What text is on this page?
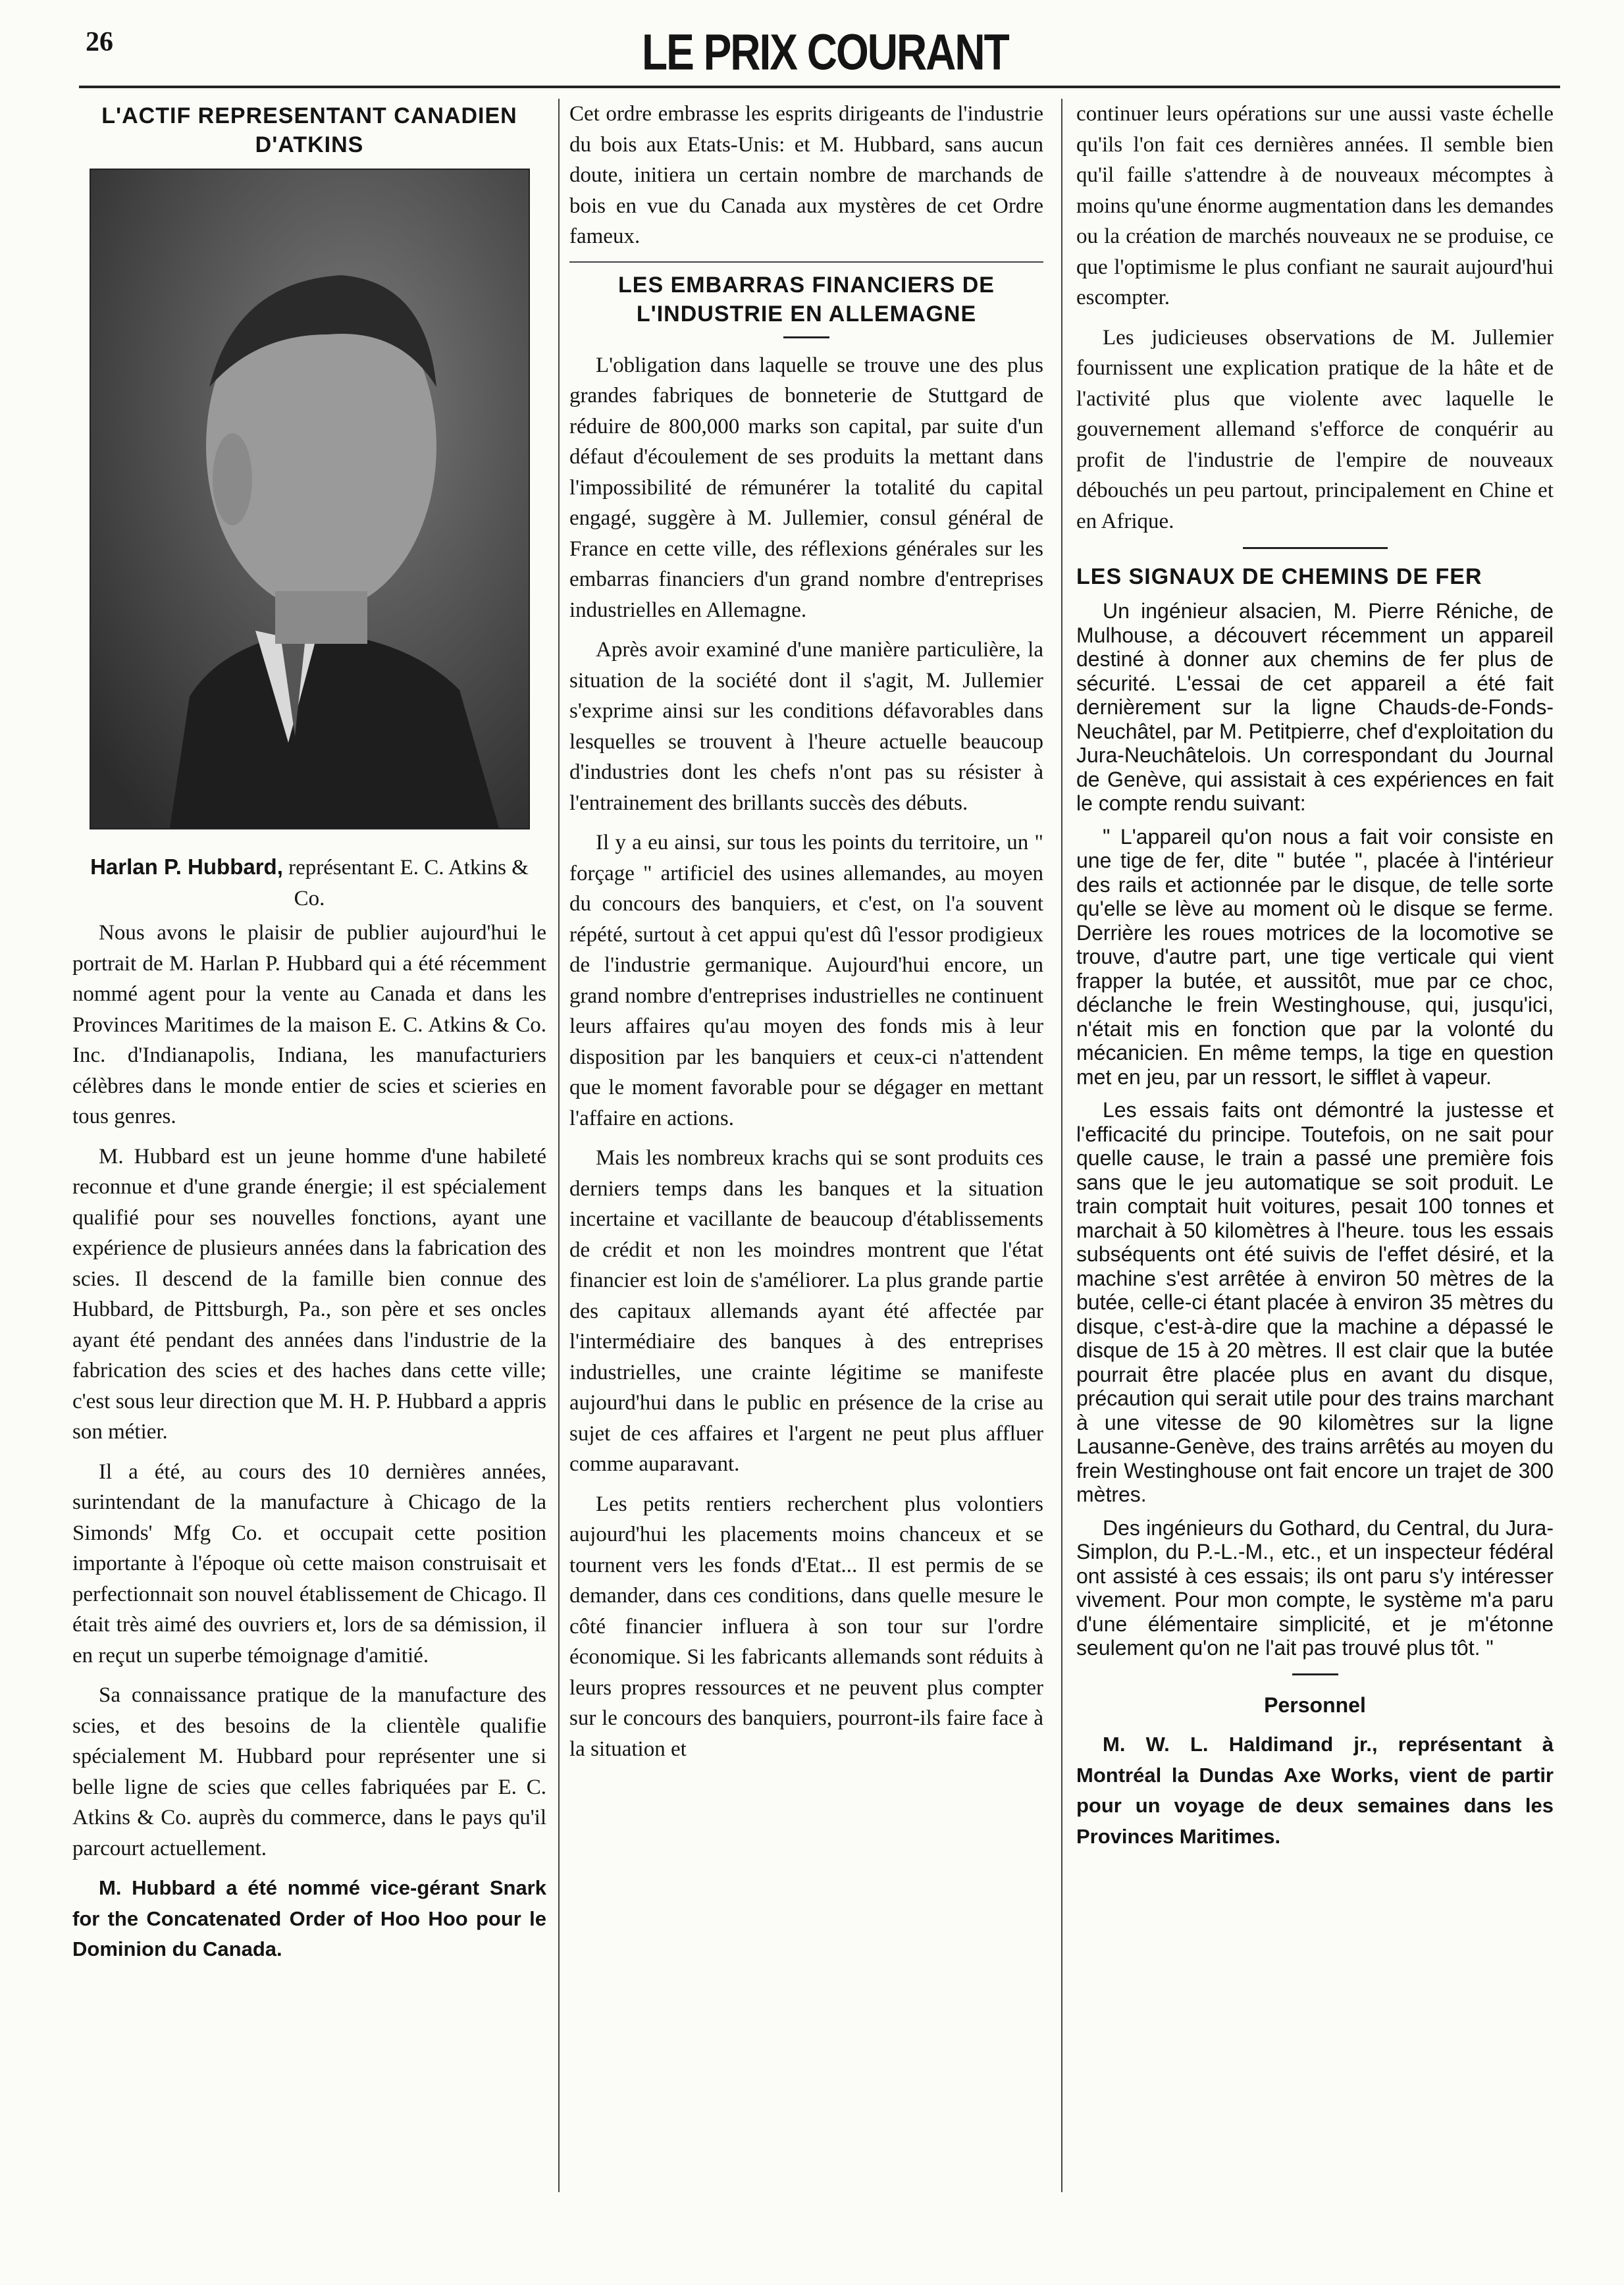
26	LE PRIX COURANT
L'ACTIF REPRESENTANT CANADIEN D'ATKINS

Harlan P. Hubbard, représentant E. C. Atkins & Co.

Nous avons le plaisir de publier aujourd'hui le portrait de M. Harlan P. Hubbard qui a été récemment nommé agent pour la vente au Canada et dans les Provinces Maritimes de la maison E. C. Atkins & Co. Inc. d'Indianapolis, Indiana, les manufacturiers célèbres dans le monde entier de scies et scieries en tous genres.

M. Hubbard est un jeune homme d'une habileté reconnue et d'une grande énergie; il est spécialement qualifié pour ses nouvelles fonctions, ayant une expérience de plusieurs années dans la fabrication des scies. Il descend de la famille bien connue des Hubbard, de Pittsburgh, Pa., son père et ses oncles ayant été pendant des années dans l'industrie de la fabrication des scies et des haches dans cette ville; c'est sous leur direction que M. H. P. Hubbard a appris son métier.

Il a été, au cours des 10 dernières années, surintendant de la manufacture à Chicago de la Simonds' Mfg Co. et occupait cette position importante à l'époque où cette maison construisait et perfectionnait son nouvel établissement de Chicago. Il était très aimé des ouvriers et, lors de sa démission, il en reçut un superbe témoignage d'amitié.

Sa connaissance pratique de la manufacture des scies, et des besoins de la clientèle qualifie spécialement M. Hubbard pour représenter une si belle ligne de scies que celles fabriquées par E. C. Atkins & Co. auprès du commerce, dans le pays qu'il parcourt actuellement.

M. Hubbard a été nommé vice-gérant Snark for the Concatenated Order of Hoo Hoo pour le Dominion du Canada.

Cet ordre embrasse les esprits dirigeants de l'industrie du bois aux Etats-Unis: et M. Hubbard, sans aucun doute, initiera un certain nombre de marchands de bois en vue du Canada aux mystères de cet Ordre fameux.

LES EMBARRAS FINANCIERS DE L'INDUSTRIE EN ALLEMAGNE

L'obligation dans laquelle se trouve une des plus grandes fabriques de bonneterie de Stuttgard de réduire de 800,000 marks son capital, par suite d'un défaut d'écoulement de ses produits la mettant dans l'impossibilité de rémunérer la totalité du capital engagé, suggère à M. Jullemier, consul général de France en cette ville, des réflexions générales sur les embarras financiers d'un grand nombre d'entreprises industrielles en Allemagne.

Après avoir examiné d'une manière particulière, la situation de la société dont il s'agit, M. Jullemier s'exprime ainsi sur les conditions défavorables dans lesquelles se trouvent à l'heure actuelle beaucoup d'industries dont les chefs n'ont pas su résister à l'entrainement des brillants succès des débuts.

Il y a eu ainsi, sur tous les points du territoire, un " forçage " artificiel des usines allemandes, au moyen du concours des banquiers, et c'est, on l'a souvent répété, surtout à cet appui qu'est dû l'essor prodigieux de l'industrie germanique. Aujourd'hui encore, un grand nombre d'entreprises industrielles ne continuent leurs affaires qu'au moyen des fonds mis à leur disposition par les banquiers et ceux-ci n'attendent que le moment favorable pour se dégager en mettant l'affaire en actions.

Mais les nombreux krachs qui se sont produits ces derniers temps dans les banques et la situation incertaine et vacillante de beaucoup d'établissements de crédit et non les moindres montrent que l'état financier est loin de s'améliorer. La plus grande partie des capitaux allemands ayant été affectée par l'intermédiaire des banques à des entreprises industrielles, une crainte légitime se manifeste aujourd'hui dans le public en présence de la crise au sujet de ces affaires et l'argent ne peut plus affluer comme auparavant.

Les petits rentiers recherchent plus volontiers aujourd'hui les placements moins chanceux et se tournent vers les fonds d'Etat... Il est permis de se demander, dans ces conditions, dans quelle mesure le côté financier influera à son tour sur l'ordre économique. Si les fabricants allemands sont réduits à leurs propres ressources et ne peuvent plus compter sur le concours des banquiers, pourront-ils faire face à la situation et

continuer leurs opérations sur une aussi vaste échelle qu'ils l'on fait ces dernières années. Il semble bien qu'il faille s'attendre à de nouveaux mécomptes à moins qu'une énorme augmentation dans les demandes ou la création de marchés nouveaux ne se produise, ce que l'optimisme le plus confiant ne saurait aujourd'hui escompter.

Les judicieuses observations de M. Jullemier fournissent une explication pratique de la hâte et de l'activité plus que violente avec laquelle le gouvernement allemand s'efforce de conquérir au profit de l'industrie de l'empire de nouveaux débouchés un peu partout, principalement en Chine et en Afrique.

LES SIGNAUX DE CHEMINS DE FER

Un ingénieur alsacien, M. Pierre Réniche, de Mulhouse, a découvert récemment un appareil destiné à donner aux chemins de fer plus de sécurité. L'essai de cet appareil a été fait dernièrement sur la ligne Chauds-de-Fonds-Neuchâtel, par M. Petitpierre, chef d'exploitation du Jura-Neuchâtelois. Un correspondant du Journal de Genève, qui assistait à ces expériences en fait le compte rendu suivant:

" L'appareil qu'on nous a fait voir consiste en une tige de fer, dite " butée ", placée à l'intérieur des rails et actionnée par le disque, de telle sorte qu'elle se lève au moment où le disque se ferme. Derrière les roues motrices de la locomotive se trouve, d'autre part, une tige verticale qui vient frapper la butée, et aussitôt, mue par ce choc, déclanche le frein Westinghouse, qui, jusqu'ici, n'était mis en fonction que par la volonté du mécanicien. En même temps, la tige en question met en jeu, par un ressort, le sifflet à vapeur.

Les essais faits ont démontré la justesse et l'efficacité du principe. Toutefois, on ne sait pour quelle cause, le train a passé une première fois sans que le jeu automatique se soit produit. Le train comptait huit voitures, pesait 100 tonnes et marchait à 50 kilomètres à l'heure. tous les essais subséquents ont été suivis de l'effet désiré, et la machine s'est arrêtée à environ 50 mètres de la butée, celle-ci étant placée à environ 35 mètres du disque, c'est-à-dire que la machine a dépassé le disque de 15 à 20 mètres. Il est clair que la butée pourrait être placée plus en avant du disque, précaution qui serait utile pour des trains marchant à une vitesse de 90 kilomètres sur la ligne Lausanne-Genève, des trains arrêtés au moyen du frein Westinghouse ont fait encore un trajet de 300 mètres.

Des ingénieurs du Gothard, du Central, du Jura-Simplon, du P.-L.-M., etc., et un inspecteur fédéral ont assisté à ces essais; ils ont paru s'y intéresser vivement. Pour mon compte, le système m'a paru d'une élémentaire simplicité, et je m'étonne seulement qu'on ne l'ait pas trouvé plus tôt. "

Personnel

M. W. L. Haldimand jr., représentant à Montréal la Dundas Axe Works, vient de partir pour un voyage de deux semaines dans les Provinces Maritimes.
